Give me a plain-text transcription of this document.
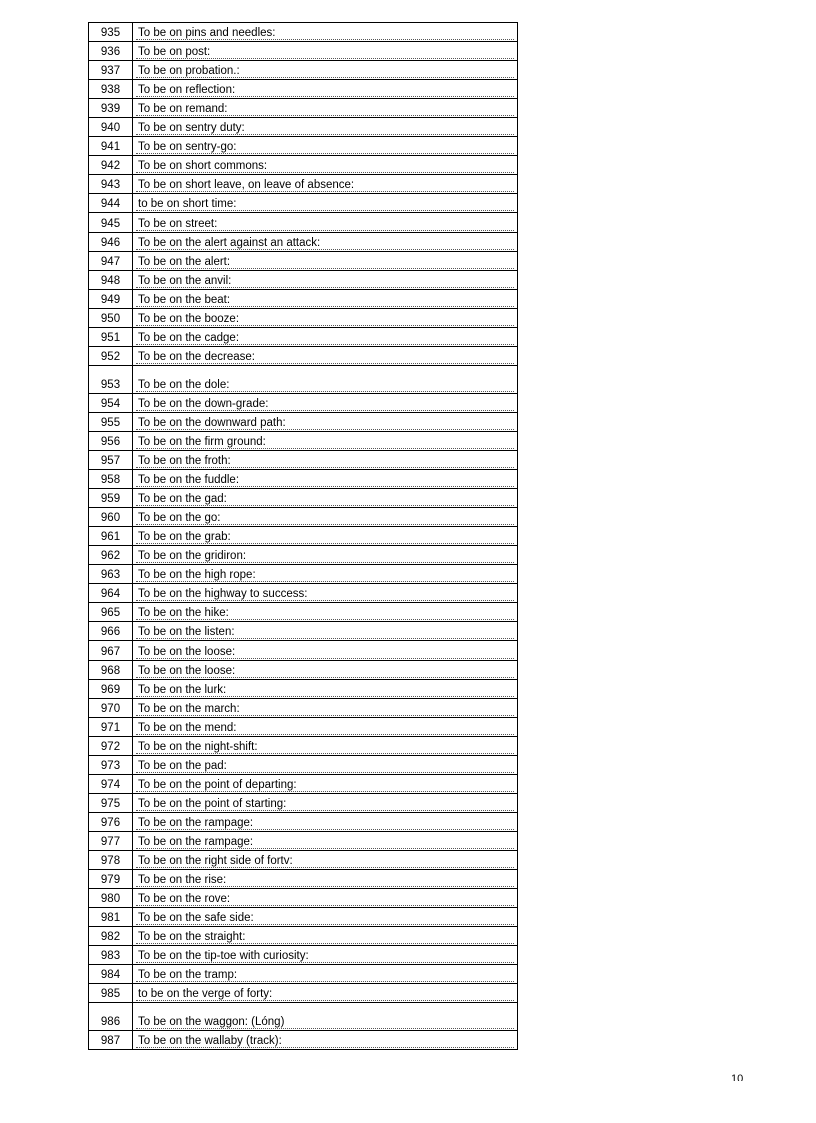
935	To be on pins and needles:
936	To be on post:
937	To be on probation.:
938	To be on reflection:
939	To be on remand:
940	To be on sentry duty:
941	To be on sentry-go:
942	To be on short commons:
943	To be on short leave, on leave of absence:
944	to be on short time:
945	To be on street:
946	To be on the alert against an attack:
947	To be on the alert:
948	To be on the anvil:
949	To be on the beat:
950	To be on the booze:
951	To be on the cadge:
952	To be on the decrease:
953	To be on the dole:
954	To be on the down-grade:
955	To be on the downward path:
956	To be on the firm ground:
957	To be on the froth:
958	To be on the fuddle:
959	To be on the gad:
960	To be on the go:
961	To be on the grab:
962	To be on the gridiron:
963	To be on the high rope:
964	To be on the highway to success:
965	To be on the hike:
966	To be on the listen:
967	To be on the loose:
968	To be on the loose:
969	To be on the lurk:
970	To be on the march:
971	To be on the mend:
972	To be on the night-shift:
973	To be on the pad:
974	To be on the point of departing:
975	To be on the point of starting:
976	To be on the rampage:
977	To be on the rampage:
978	To be on the right side of fortv:
979	To be on the rise:
980	To be on the rove:
981	To be on the safe side:
982	To be on the straight:
983	To be on the tip-toe with curiosity:
984	To be on the tramp:
985	to be on the verge of forty:
986	To be on the waggon: (Lóng)
987	To be on the wallaby (track):
10
